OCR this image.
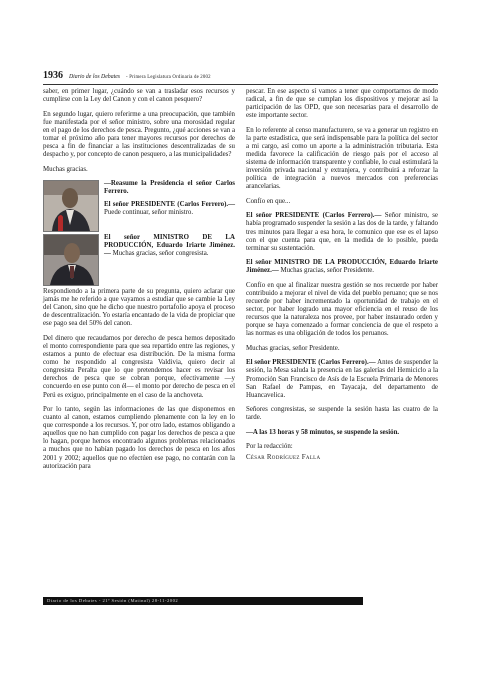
1936 Diario de los Debates - Primera Legislatura Ordinaria de 2002

saber, en primer lugar, ¿cuándo se van a trasladar esos recursos y cumplirse con la Ley del Canon y con el canon pesquero?

En segundo lugar, quiero referirme a una preocupación, que también fue manifestada por el señor ministro, sobre una morosidad regular en el pago de los derechos de pesca. Pregunto, ¿qué acciones se van a tomar el próximo año para tener mayores recursos por derechos de pesca a fin de financiar a las instituciones descentralizadas de su despacho y, por concepto de canon pesquero, a las municipalidades?

Muchas gracias.

—Reasume la Presidencia el señor Carlos Ferrero.

El señor PRESIDENTE (Carlos Ferrero).— Puede continuar, señor ministro.

El señor MINISTRO DE LA PRODUCCIÓN, Eduardo Iriarte Jiménez.— Muchas gracias, señor congresista.

Respondiendo a la primera parte de su pregunta, quiero aclarar que jamás me he referido a que vayamos a estudiar que se cambie la Ley del Canon, sino que he dicho que nuestro portafolio apoya el proceso de descentralización. Yo estaría encantado de la vida de propiciar que ese pago sea del 50% del canon.

Del dinero que recaudamos por derecho de pesca hemos depositado el monto correspondiente para que sea repartido entre las regiones, y estamos a punto de efectuar esa distribución. De la misma forma como he respondido al congresista Valdivia, quiero decir al congresista Peralta que lo que pretendemos hacer es revisar los derechos de pesca que se cobran porque, efectivamente —y concuerdo en ese punto con él— el monto por derecho de pesca en el Perú es exiguo, principalmente en el caso de la anchoveta.

Por lo tanto, según las informaciones de las que disponemos en cuanto al canon, estamos cumpliendo plenamente con la ley en lo que corresponde a los recursos. Y, por otro lado, estamos obligando a aquellos que no han cumplido con pagar los derechos de pesca a que lo hagan, porque hemos encontrado algunos problemas relacionados a muchos que no habían pagado los derechos de pesca en los años 2001 y 2002; aquellos que no efectúen ese pago, no contarán con la autorización para

pescar. En ese aspecto sí vamos a tener que comportarnos de modo radical, a fin de que se cumplan los dispositivos y mejorar así la participación de las OPD, que son necesarias para el desarrollo de este importante sector.

En lo referente al censo manufacturero, se va a generar un registro en la parte estadística, que será indispensable para la política del sector a mi cargo, así como un aporte a la administración tributaria. Esta medida favorece la calificación de riesgo país por el acceso al sistema de información transparente y confiable, lo cual estimulará la inversión privada nacional y extranjera, y contribuirá a reforzar la política de integración a nuevos mercados con preferencias arancelarias.

Confío en que...

El señor PRESIDENTE (Carlos Ferrero).— Señor ministro, se había programado suspender la sesión a las dos de la tarde, y faltando tres minutos para llegar a esa hora, le comunico que ese es el lapso con el que cuenta para que, en la medida de lo posible, pueda terminar su sustentación.

El señor MINISTRO DE LA PRODUCCIÓN, Eduardo Iriarte Jiménez.— Muchas gracias, señor Presidente.

Confío en que al finalizar nuestra gestión se nos recuerde por haber contribuido a mejorar el nivel de vida del pueblo peruano; que se nos recuerde por haber incrementado la oportunidad de trabajo en el sector, por haber logrado una mayor eficiencia en el reuso de los recursos que la naturaleza nos provee, por haber instaurado orden y porque se haya comenzado a formar conciencia de que el respeto a las normas es una obligación de todos los peruanos.

Muchas gracias, señor Presidente.

El señor PRESIDENTE (Carlos Ferrero).— Antes de suspender la sesión, la Mesa saluda la presencia en las galerías del Hemiciclo a la Promoción San Francisco de Asís de la Escuela Primaria de Menores San Rafael de Pampas, en Tayacaja, del departamento de Huancavelica.

Señores congresistas, se suspende la sesión hasta las cuatro de la tarde.

—A las 13 horas y 58 minutos, se suspende la sesión.

Por la redacción:

César Rodríguez Falla

Diario de los Debates - 21ª Sesión (Matinal) 28-11-2002
